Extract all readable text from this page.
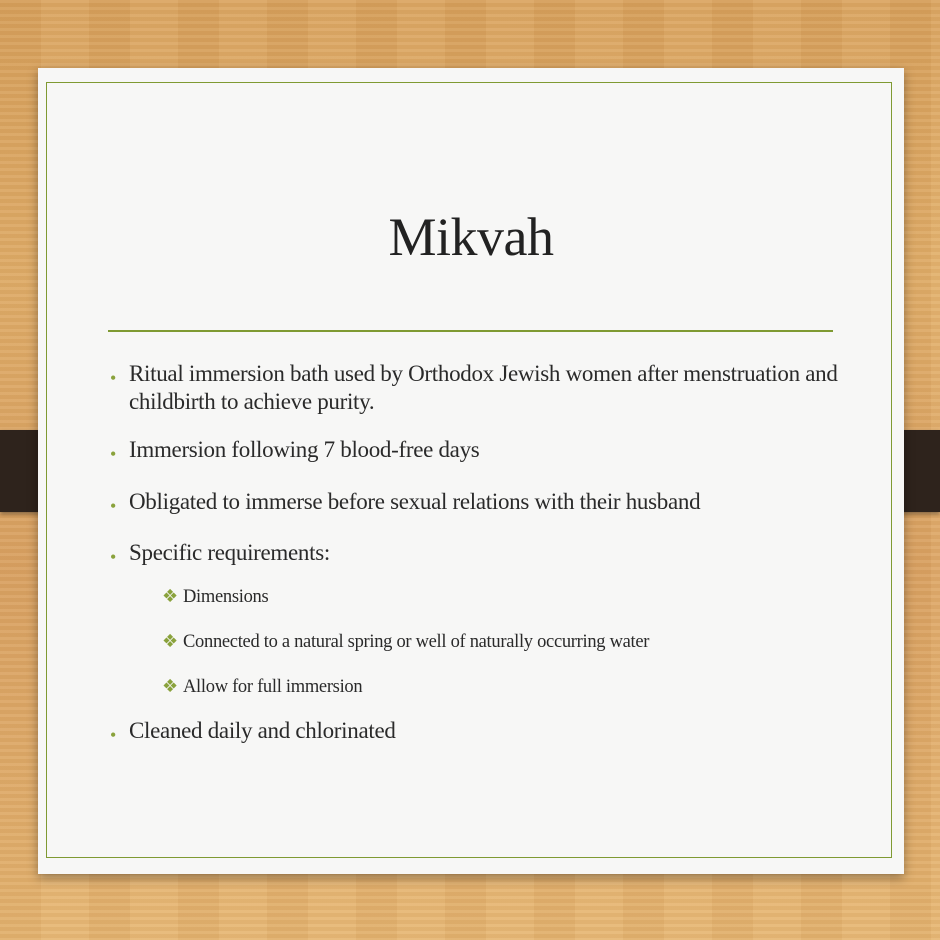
Mikvah
• Ritual immersion bath used by Orthodox Jewish women after menstruation and childbirth to achieve purity.
• Immersion following 7 blood-free days
• Obligated to immerse before sexual relations with their husband
• Specific requirements:
❖ Dimensions
❖ Connected to a natural spring or well of naturally occurring water
❖ Allow for full immersion
• Cleaned daily and chlorinated
